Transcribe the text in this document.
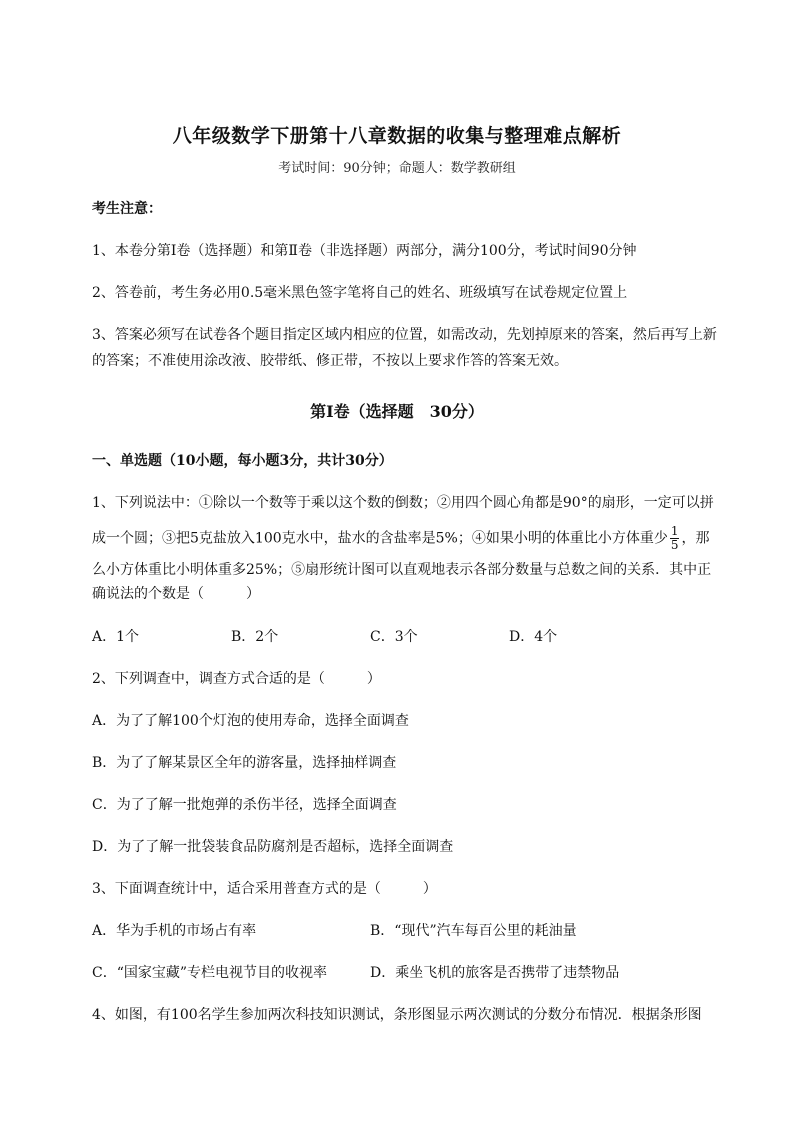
八年级数学下册第十八章数据的收集与整理难点解析
考试时间：90分钟；命题人：数学教研组
考生注意：
1、本卷分第I卷（选择题）和第Ⅱ卷（非选择题）两部分，满分100分，考试时间90分钟
2、答卷前，考生务必用0.5毫米黑色签字笔将自己的姓名、班级填写在试卷规定位置上
3、答案必须写在试卷各个题目指定区域内相应的位置，如需改动，先划掉原来的答案，然后再写上新
的答案；不准使用涂改液、胶带纸、修正带，不按以上要求作答的答案无效。
第I卷（选择题　30分）
一、单选题（10小题，每小题3分，共计30分）
1、下列说法中：①除以一个数等于乘以这个数的倒数；②用四个圆心角都是90°的扇形，一定可以拼
成一个圆；③把5克盐放入100克水中，盐水的含盐率是5%；④如果小明的体重比小方体重少 $\frac{1}{5}$ ，那
么小方体重比小明体重多25%；⑤扇形统计图可以直观地表示各部分数量与总数之间的关系．其中正
确说法的个数是（　　　）
A．1个	B．2个	C．3个	D．4个
2、下列调查中，调查方式合适的是（　　　）
A．为了了解100个灯泡的使用寿命，选择全面调查
B．为了了解某景区全年的游客量，选择抽样调查
C．为了了解一批炮弹的杀伤半径，选择全面调查
D．为了了解一批袋装食品防腐剂是否超标，选择全面调查
3、下面调查统计中，适合采用普查方式的是（　　　）
A．华为手机的市场占有率	B．“现代”汽车每百公里的耗油量
C．“国家宝藏”专栏电视节目的收视率	D．乘坐飞机的旅客是否携带了违禁物品
4、如图，有100名学生参加两次科技知识测试，条形图显示两次测试的分数分布情况．根据条形图
